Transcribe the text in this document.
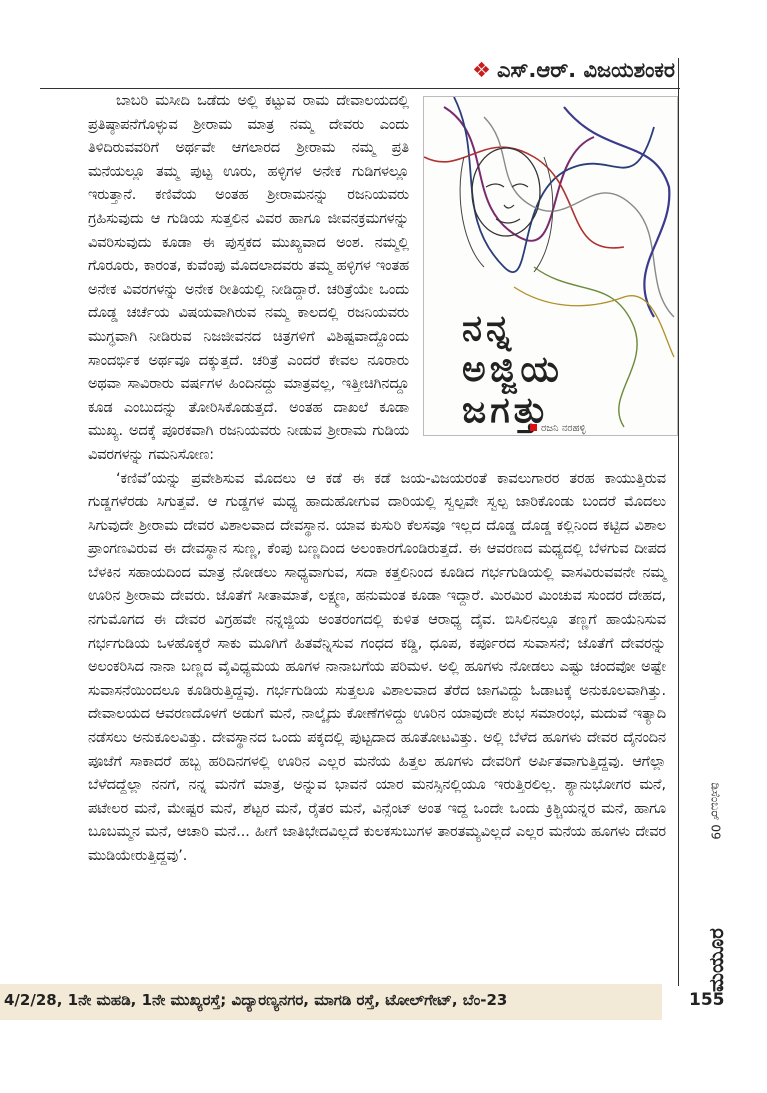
❖ ಎಸ್.ಆರ್. ವಿಜಯಶಂಕರ

ನನ್ನ
ಅಜ್ಜಿಯ
ಜಗತ್ತು
ರಜನಿ ನರಹಳ್ಳಿ
ಬಾಬರಿ ಮಸೀದಿ ಒಡೆದು ಅಲ್ಲಿ ಕಟ್ಟುವ ರಾಮ ದೇವಾಲಯದಲ್ಲಿ ಪ್ರತಿಷ್ಠಾಪನೆಗೊಳ್ಳುವ ಶ್ರೀರಾಮ ಮಾತ್ರ ನಮ್ಮ ದೇವರು ಎಂದು ತಿಳಿದಿರುವವರಿಗೆ ಅರ್ಥವೇ ಆಗಲಾರದ ಶ್ರೀರಾಮ ನಮ್ಮ ಪ್ರತಿ ಮನೆಯಲ್ಲೂ ತಮ್ಮ ಪುಟ್ಟ ಊರು, ಹಳ್ಳಿಗಳ ಅನೇಕ ಗುಡಿಗಳಲ್ಲೂ ಇರುತ್ತಾನೆ. ಕಣಿವೆಯ ಅಂತಹ ಶ್ರೀರಾಮನನ್ನು ರಜನಿಯವರು ಗ್ರಹಿಸುವುದು ಆ ಗುಡಿಯ ಸುತ್ತಲಿನ ವಿವರ ಹಾಗೂ ಜೀವನಕ್ರಮಗಳನ್ನು ವಿವರಿಸುವುದು ಕೂಡಾ ಈ ಪುಸ್ತಕದ ಮುಖ್ಯವಾದ ಅಂಶ. ನಮ್ಮಲ್ಲಿ ಗೊರೂರು, ಕಾರಂತ, ಕುವೆಂಪು ಮೊದಲಾದವರು ತಮ್ಮ ಹಳ್ಳಿಗಳ ಇಂತಹ ಅನೇಕ ವಿವರಗಳನ್ನು ಅನೇಕ ರೀತಿಯಲ್ಲಿ ನೀಡಿದ್ದಾರೆ. ಚರಿತ್ರೆಯೇ ಒಂದು ದೊಡ್ಡ ಚರ್ಚೆಯ ವಿಷಯವಾಗಿರುವ ನಮ್ಮ ಕಾಲದಲ್ಲಿ ರಜನಿಯವರು ಮುಗ್ಧವಾಗಿ ನೀಡಿರುವ ನಿಜಜೀವನದ ಚಿತ್ರಗಳಿಗೆ ವಿಶಿಷ್ಟವಾದ್ದೊಂದು ಸಾಂದರ್ಭಿಕ ಅರ್ಥವೂ ದಕ್ಕುತ್ತದೆ. ಚರಿತ್ರೆ ಎಂದರೆ ಕೇವಲ ನೂರಾರು ಅಥವಾ ಸಾವಿರಾರು ವರ್ಷಗಳ ಹಿಂದಿನದ್ದು ಮಾತ್ರವಲ್ಲ, ಇತ್ತೀಚಿಗಿನದ್ದೂ ಕೂಡ ಎಂಬುದನ್ನು ತೋರಿಸಿಕೊಡುತ್ತದೆ. ಅಂತಹ ದಾಖಲೆ ಕೂಡಾ ಮುಖ್ಯ. ಅದಕ್ಕೆ ಪೂರಕವಾಗಿ ರಜನಿಯವರು ನೀಡುವ ಶ್ರೀರಾಮ ಗುಡಿಯ ವಿವರಗಳನ್ನು ಗಮನಿಸೋಣ:

‘ಕಣಿವೆ’ಯನ್ನು ಪ್ರವೇಶಿಸುವ ಮೊದಲು ಆ ಕಡೆ ಈ ಕಡೆ ಜಯ-ವಿಜಯರಂತೆ ಕಾವಲುಗಾರರ ತರಹ ಕಾಯುತ್ತಿರುವ ಗುಡ್ಡಗಳೆರಡು ಸಿಗುತ್ತವೆ. ಆ ಗುಡ್ಡಗಳ ಮಧ್ಯ ಹಾದುಹೋಗುವ ದಾರಿಯಲ್ಲಿ ಸ್ವಲ್ಪವೇ ಸ್ವಲ್ಪ ಜಾರಿಕೊಂಡು ಬಂದರೆ ಮೊದಲು ಸಿಗುವುದೇ ಶ್ರೀರಾಮ ದೇವರ ವಿಶಾಲವಾದ ದೇವಸ್ಥಾನ. ಯಾವ ಕುಸುರಿ ಕೆಲಸವೂ ಇಲ್ಲದ ದೊಡ್ಡ ದೊಡ್ಡ ಕಲ್ಲಿನಿಂದ ಕಟ್ಟಿದ ವಿಶಾಲ ಪ್ರಾಂಗಣವಿರುವ ಈ ದೇವಸ್ಥಾನ ಸುಣ್ಣ, ಕೆಂಪು ಬಣ್ಣದಿಂದ ಅಲಂಕಾರಗೊಂಡಿರುತ್ತದೆ. ಈ ಆವರಣದ ಮಧ್ಯದಲ್ಲಿ ಬೆಳಗುವ ದೀಪದ ಬೆಳಕಿನ ಸಹಾಯದಿಂದ ಮಾತ್ರ ನೋಡಲು ಸಾಧ್ಯವಾಗುವ, ಸದಾ ಕತ್ತಲಿನಿಂದ ಕೂಡಿದ ಗರ್ಭಗುಡಿಯಲ್ಲಿ ವಾಸವಿರುವವನೇ ನಮ್ಮ ಊರಿನ ಶ್ರೀರಾಮ ದೇವರು. ಜೊತೆಗೆ ಸೀತಾಮಾತೆ, ಲಕ್ಷ್ಮಣ, ಹನುಮಂತ ಕೂಡಾ ಇದ್ದಾರೆ. ಮಿರಮಿರ ಮಿಂಚುವ ಸುಂದರ ದೇಹದ, ನಗುಮೊಗದ ಈ ದೇವರ ವಿಗ್ರಹವೇ ನನ್ನಜ್ಜಿಯ ಅಂತರಂಗದಲ್ಲಿ ಕುಳಿತ ಆರಾಧ್ಯ ದೈವ. ಬಿಸಿಲಿನಲ್ಲೂ ತಣ್ಣಗೆ ಹಾಯೆನಿಸುವ ಗರ್ಭಗುಡಿಯ ಒಳಹೊಕ್ಕರೆ ಸಾಕು ಮೂಗಿಗೆ ಹಿತವೆನ್ನಿಸುವ ಗಂಧದ ಕಡ್ಡಿ, ಧೂಪ, ಕರ್ಪೂರದ ಸುವಾಸನೆ; ಜೊತೆಗೆ ದೇವರನ್ನು ಅಲಂಕರಿಸಿದ ನಾನಾ ಬಣ್ಣದ ವೈವಿಧ್ಯಮಯ ಹೂಗಳ ನಾನಾಬಗೆಯ ಪರಿಮಳ. ಅಲ್ಲಿ ಹೂಗಳು ನೋಡಲು ಎಷ್ಟು ಚಂದವೋ ಅಷ್ಟೇ ಸುವಾಸನೆಯಿಂದಲೂ ಕೂಡಿರುತ್ತಿದ್ದವು. ಗರ್ಭಗುಡಿಯ ಸುತ್ತಲೂ ವಿಶಾಲವಾದ ತೆರೆದ ಜಾಗವಿದ್ದು ಓಡಾಟಕ್ಕೆ ಅನುಕೂಲವಾಗಿತ್ತು. ದೇವಾಲಯದ ಆವರಣದೊಳಗೆ ಅಡುಗೆ ಮನೆ, ನಾಲ್ಕೈದು ಕೋಣೆಗಳಿದ್ದು ಊರಿನ ಯಾವುದೇ ಶುಭ ಸಮಾರಂಭ, ಮದುವೆ ಇತ್ಯಾದಿ ನಡೆಸಲು ಅನುಕೂಲವಿತ್ತು. ದೇವಸ್ಥಾನದ ಒಂದು ಪಕ್ಕದಲ್ಲಿ ಪುಟ್ಟದಾದ ಹೂತೋಟವಿತ್ತು. ಅಲ್ಲಿ ಬೆಳೆದ ಹೂಗಳು ದೇವರ ದೈನಂದಿನ ಪೂಜೆಗೆ ಸಾಕಾದರೆ ಹಬ್ಬ ಹರಿದಿನಗಳಲ್ಲಿ ಊರಿನ ಎಲ್ಲರ ಮನೆಯ ಹಿತ್ತಲ ಹೂಗಳು ದೇವರಿಗೆ ಅರ್ಪಿತವಾಗುತ್ತಿದ್ದವು. ಆಗೆಲ್ಲಾ ಬೆಳೆದದ್ದೆಲ್ಲಾ ನನಗೆ, ನನ್ನ ಮನೆಗೆ ಮಾತ್ರ, ಅನ್ನುವ ಭಾವನೆ ಯಾರ ಮನಸ್ಸಿನಲ್ಲಿಯೂ ಇರುತ್ತಿರಲಿಲ್ಲ. ಶ್ಯಾನುಭೋಗರ ಮನೆ, ಪಟೇಲರ ಮನೆ, ಮೇಷ್ಟರ ಮನೆ, ಶೆಟ್ಟರ ಮನೆ, ರೈತರ ಮನೆ, ವಿನ್ಸೆಂಟ್ ಅಂತ ಇದ್ದ ಒಂದೇ ಒಂದು ಕ್ರಿಶ್ಚಿಯನ್ನರ ಮನೆ, ಹಾಗೂ ಬೂಬಮ್ಮನ ಮನೆ, ಆಚಾರಿ ಮನೆ... ಹೀಗೆ ಜಾತಿಭೇದವಿಲ್ಲದೆ ಕುಲಕಸುಬುಗಳ ತಾರತಮ್ಯವಿಲ್ಲದೆ ಎಲ್ಲರ ಮನೆಯ ಹೂಗಳು ದೇವರ ಮುಡಿಯೇರುತ್ತಿದ್ದವು’.

ಡಿಸೆಂಬರ್ 09
ಮಯೂರ
4/2/28, 1ನೇ ಮಹಡಿ, 1ನೇ ಮುಖ್ಯರಸ್ತೆ; ವಿದ್ಯಾರಣ್ಯನಗರ, ಮಾಗಡಿ ರಸ್ತೆ, ಟೋಲ್‌ಗೇಟ್, ಬೆಂ-23	155
